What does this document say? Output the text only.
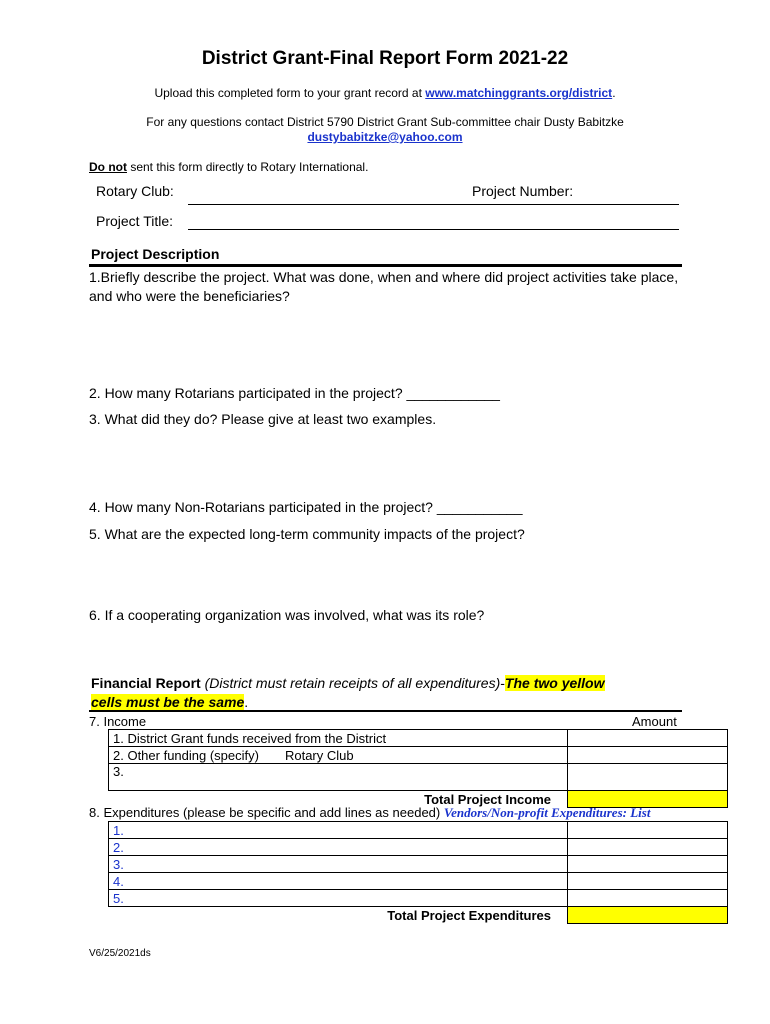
District Grant-Final Report Form 2021-22
Upload this completed form to your grant record at www.matchinggrants.org/district.
For any questions contact District 5790 District Grant Sub-committee chair Dusty Babitzke
dustybabitzke@yahoo.com
Do not sent this form directly to Rotary International.
Rotary Club:	Project Number:
Project Title:
Project Description
1.Briefly describe the project. What was done, when and where did project activities take place, and who were the beneficiaries?
2. How many Rotarians participated in the project? ____________
3. What did they do? Please give at least two examples.
4. How many Non-Rotarians participated in the project? ___________
5. What are the expected long-term community impacts of the project?
6. If a cooperating organization was involved, what was its role?
Financial Report (District must retain receipts of all expenditures)-The two yellow
cells must be the same.
7. Income	Amount
1. District Grant funds received from the District	
2. Other funding (specify) Rotary Club	
3.	
Total Project Income	
8. Expenditures (please be specific and add lines as needed) Vendors/Non-profit Expenditures: List
1.	
2.	
3.	
4.	
5.	
Total Project Expenditures	
V6/25/2021ds
